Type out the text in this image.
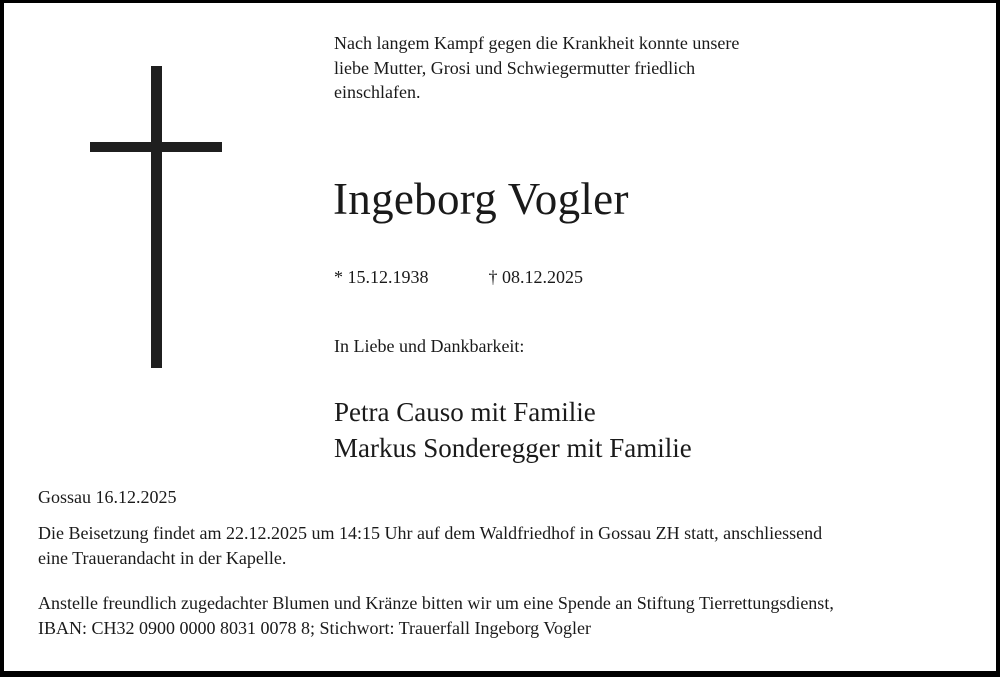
Nach langem Kampf gegen die Krankheit konnte unsere
liebe Mutter, Grosi und Schwiegermutter friedlich
einschlafen.

Ingeborg Vogler
* 15.12.1938	† 08.12.2025

In Liebe und Dankbarkeit:

Petra Causo mit Familie
Markus Sonderegger mit Familie

Gossau 16.12.2025

Die Beisetzung findet am 22.12.2025 um 14:15 Uhr auf dem Waldfriedhof in Gossau ZH statt, anschliessend
eine Trauerandacht in der Kapelle.

Anstelle freundlich zugedachter Blumen und Kränze bitten wir um eine Spende an Stiftung Tierrettungsdienst,
IBAN: CH32 0900 0000 8031 0078 8; Stichwort: Trauerfall Ingeborg Vogler
